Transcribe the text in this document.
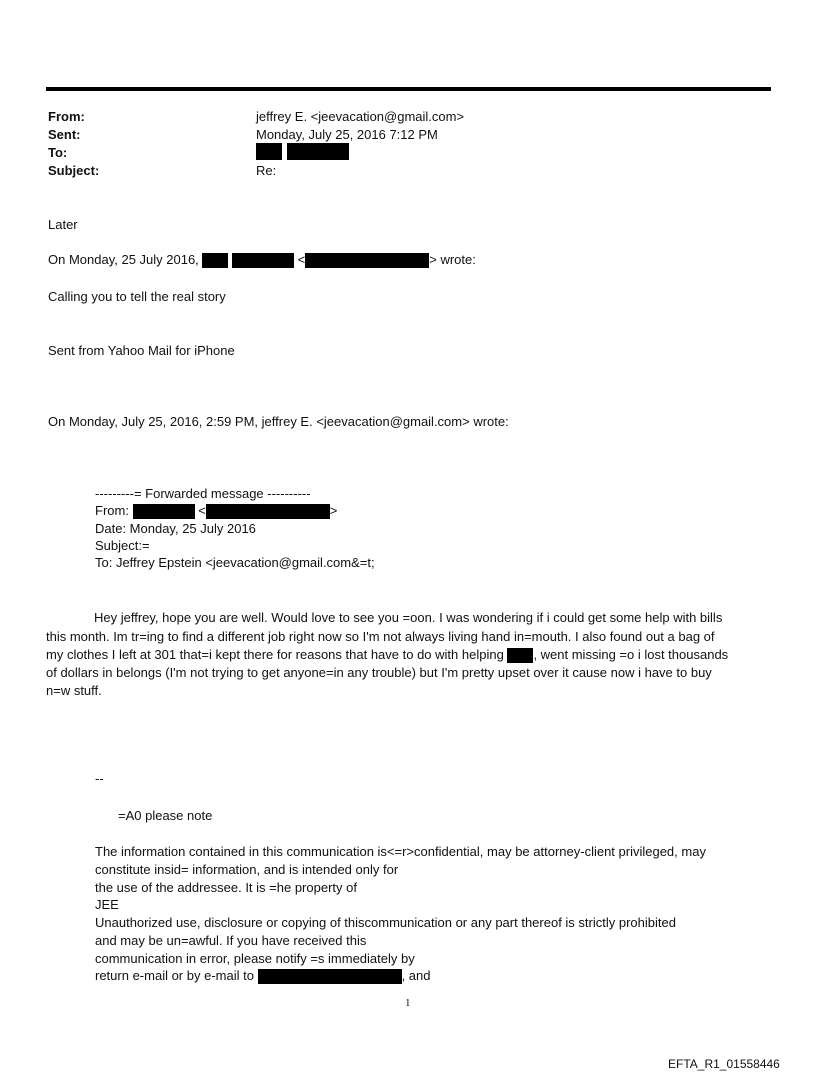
From:	jeffrey E. <jeevacation@gmail.com>
Sent:	Monday, July 25, 2016 7:12 PM
To:

Subject:	Re:
Later
On Monday, 25 July 2016,	<	> wrote:
Calling you to tell the real story
Sent from Yahoo Mail for iPhone
On Monday, July 25, 2016, 2:59 PM, jeffrey E. <jeevacation@gmail.com> wrote:
---------= Forwarded message ----------
From:	<	>
Date: Monday, 25 July 2016
Subject:=
To: Jeffrey Epstein <jeevacation@gmail.com&=t;
Hey jeffrey, hope you are well. Would love to see you =oon. I was wondering if i could get some help with bills
this month. Im tr=ing to find a different job right now so I'm not always living hand in=mouth. I also found out a bag of
my clothes I left at 301 that=i kept there for reasons that have to do with helping , went missing =o i lost thousands
of dollars in belongs (I'm not trying to get anyone=in any trouble) but I'm pretty upset over it cause now i have to buy
n=w stuff.
--
=A0 please note
The information contained in this communication is<=r>confidential, may be attorney-client privileged, may
constitute insid= information, and is intended only for
the use of the addressee. It is =he property of
JEE
Unauthorized use, disclosure or copying of thiscommunication or any part thereof is strictly prohibited
and may be un=awful. If you have received this
communication in error, please notify =s immediately by
return e-mail or by e-mail to	, and
1
EFTA_R1_01558446
